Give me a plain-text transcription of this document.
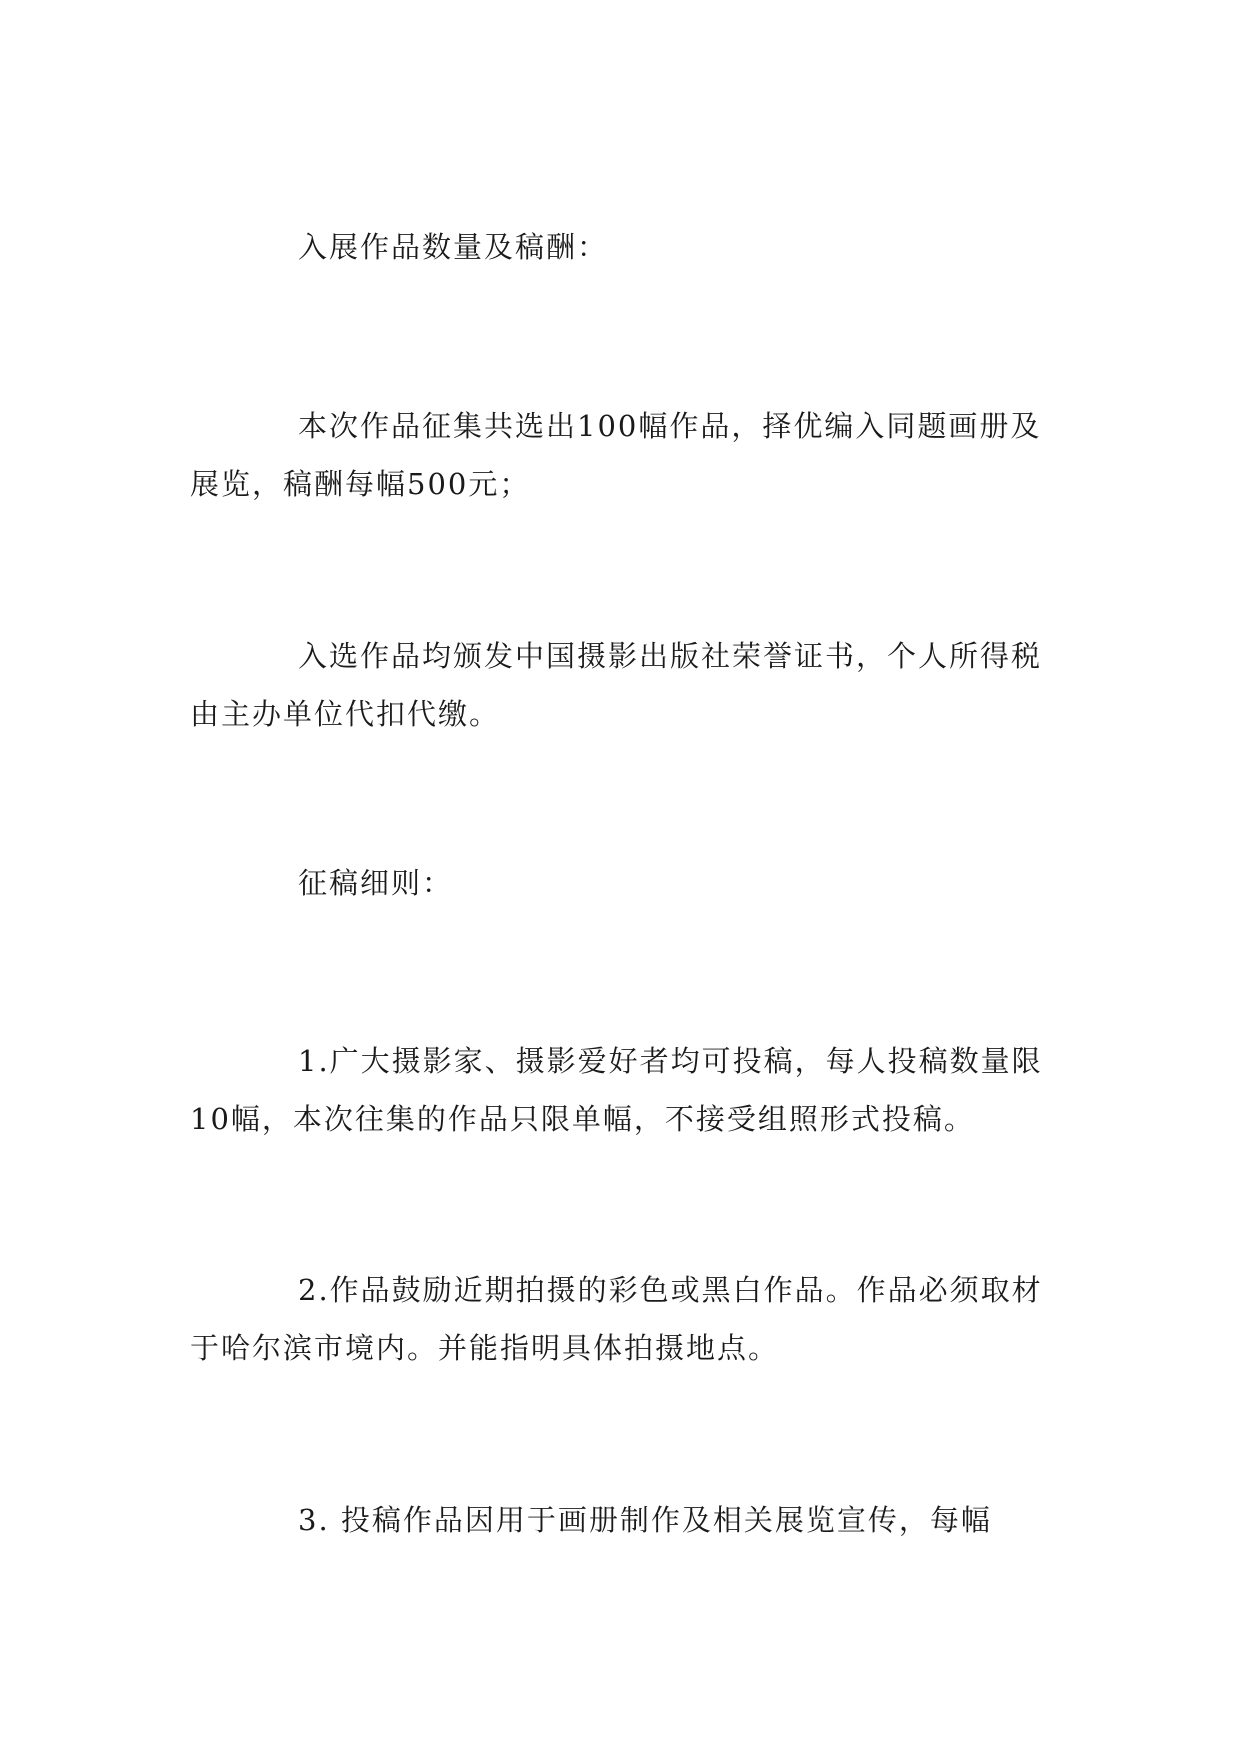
入展作品数量及稿酬：

本次作品征集共选出100幅作品，择优编入同题画册及展览，稿酬每幅500元；

入选作品均颁发中国摄影出版社荣誉证书，个人所得税由主办单位代扣代缴。

征稿细则：

1.广大摄影家、摄影爱好者均可投稿，每人投稿数量限10幅，本次往集的作品只限单幅，不接受组照形式投稿。

2.作品鼓励近期拍摄的彩色或黑白作品。作品必须取材于哈尔滨市境内。并能指明具体拍摄地点。

3. 投稿作品因用于画册制作及相关展览宣传，每幅
